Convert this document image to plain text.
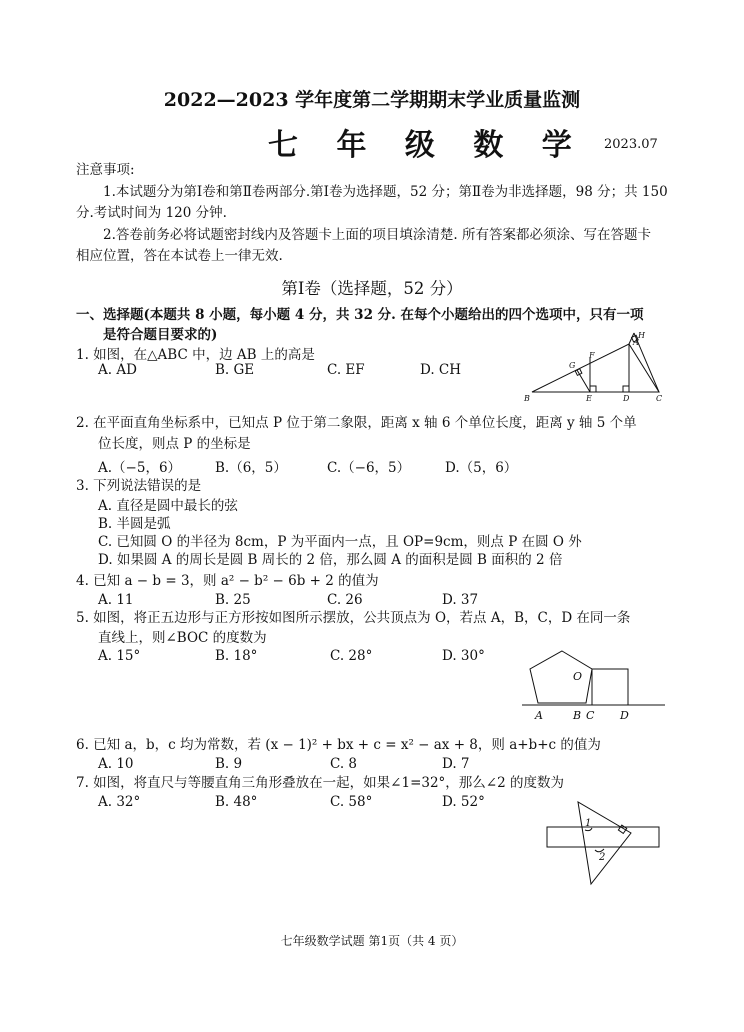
2022—2023 学年度第二学期期末学业质量监测
七 年 级 数 学 2023.07
注意事项:
1.本试题分为第Ⅰ卷和第Ⅱ卷两部分.第Ⅰ卷为选择题，52 分；第Ⅱ卷为非选择题，98 分；共 150
分.考试时间为 120 分钟.
2.答卷前务必将试题密封线内及答题卡上面的项目填涂清楚. 所有答案都必须涂、写在答题卡
相应位置，答在本试卷上一律无效.
第Ⅰ卷（选择题，52 分）
一、选择题(本题共 8 小题，每小题 4 分，共 32 分. 在每个小题给出的四个选项中，只有一项
是符合题目要求的)
1. 如图，在△ABC 中，边 AB 上的高是
A. AD	B. GE	C. EF	D. CH
A
B	C
D
E
F
G
H
2. 在平面直角坐标系中，已知点 P 位于第二象限，距离 x 轴 6 个单位长度，距离 y 轴 5 个单
位长度，则点 P 的坐标是
A.（−5，6）	B.（6，5）	C.（−6，5）	D.（5，6）
3. 下列说法错误的是
A. 直径是圆中最长的弦
B. 半圆是弧
C. 已知圆 O 的半径为 8cm，P 为平面内一点，且 OP=9cm，则点 P 在圆 O 外
D. 如果圆 A 的周长是圆 B 周长的 2 倍，那么圆 A 的面积是圆 B 面积的 2 倍
4. 已知 a − b = 3，则 a² − b² − 6b + 2 的值为
A. 11	B. 25	C. 26	D. 37
5. 如图，将正五边形与正方形按如图所示摆放，公共顶点为 O，若点 A，B，C，D 在同一条
直线上，则∠BOC 的度数为
A. 15°	B. 18°	C. 28°	D. 30°
O
A	B C D
6. 已知 a，b，c 均为常数，若 (x − 1)² + bx + c = x² − ax + 8，则 a+b+c 的值为
A. 10	B. 9	C. 8	D. 7
7. 如图，将直尺与等腰直角三角形叠放在一起，如果∠1=32°，那么∠2 的度数为
A. 32°	B. 48°	C. 58°	D. 52°
1
2
七年级数学试题 第1页（共 4 页）
